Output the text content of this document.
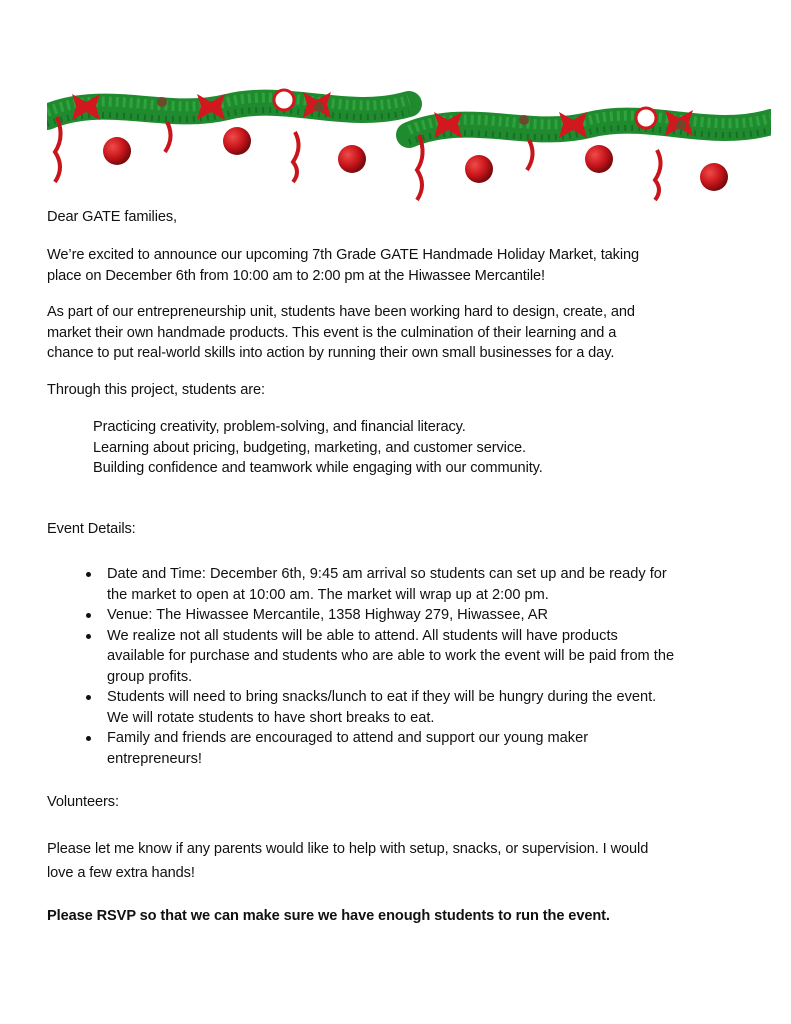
Dear GATE families,

We’re excited to announce our upcoming 7th Grade GATE Handmade Holiday Market, taking

place on December 6th from 10:00 am to 2:00 pm at the Hiwassee Mercantile!

As part of our entrepreneurship unit, students have been working hard to design, create, and

market their own handmade products. This event is the culmination of their learning and a

chance to put real-world skills into action by running their own small businesses for a day.

Through this project, students are:

Practicing creativity, problem-solving, and financial literacy.

Learning about pricing, budgeting, marketing, and customer service.

Building confidence and teamwork while engaging with our community.

Event Details:

Date and Time: December 6th, 9:45 am arrival so students can set up and be ready for
the market to open at 10:00 am. The market will wrap up at 2:00 pm.
Venue: The Hiwassee Mercantile, 1358 Highway 279, Hiwassee, AR
We realize not all students will be able to attend. All students will have products
available for purchase and students who are able to work the event will be paid from the
group profits.
Students will need to bring snacks/lunch to eat if they will be hungry during the event.
We will rotate students to have short breaks to eat.
Family and friends are encouraged to attend and support our young maker
entrepreneurs!

Volunteers:

Please let me know if any parents would like to help with setup, snacks, or supervision. I would

love a few extra hands!

Please RSVP so that we can make sure we have enough students to run the event.
